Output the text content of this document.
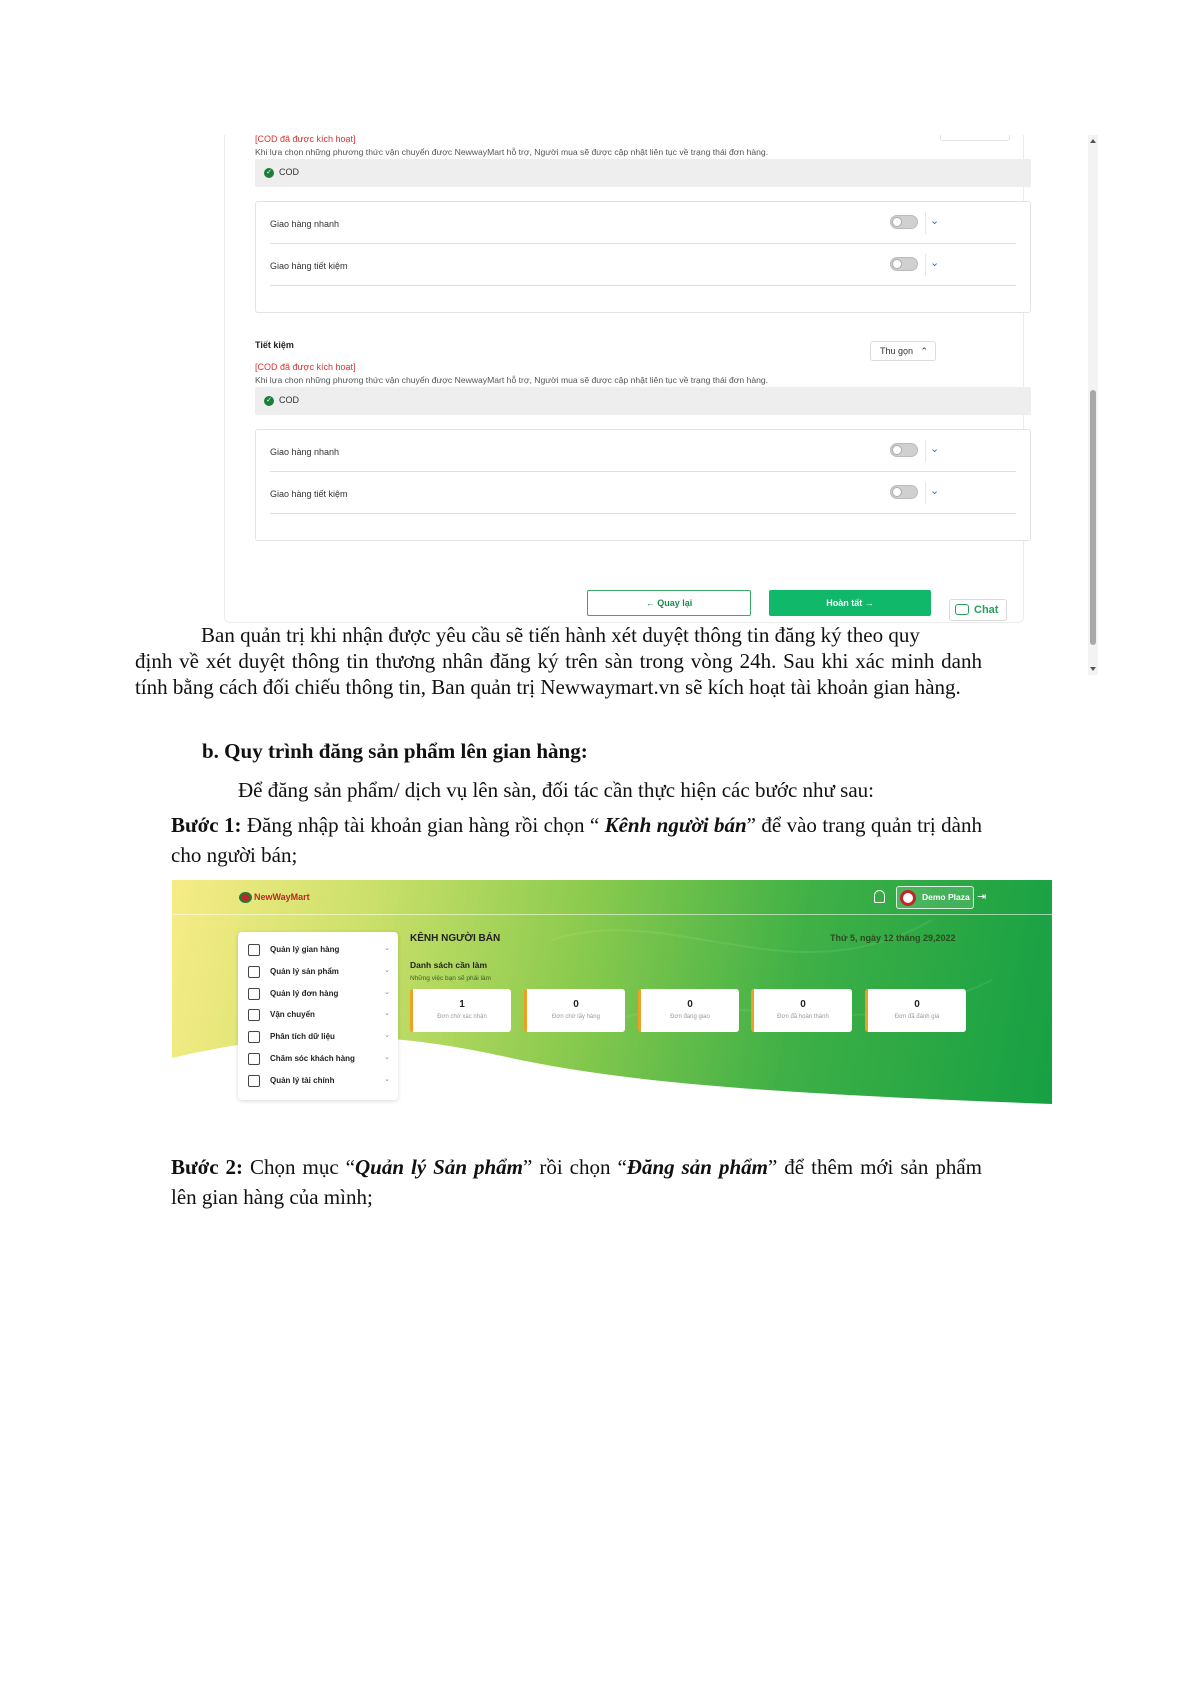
[COD đã được kích hoạt]
Khi lựa chọn những phương thức vận chuyển được NewwayMart hỗ trợ, Người mua sẽ được cập nhật liên tục về trạng thái đơn hàng.
✓ COD
Giao hàng nhanh	⌄
Giao hàng tiết kiệm	⌄
Tiết kiệm
Thu gọn ⌃
[COD đã được kích hoạt]
Khi lựa chọn những phương thức vận chuyển được NewwayMart hỗ trợ, Người mua sẽ được cập nhật liên tục về trạng thái đơn hàng.
✓ COD
Giao hàng nhanh	⌄
Giao hàng tiết kiệm	⌄
← Quay lại	Hoàn tất →
Chat
Ban quản trị khi nhận được yêu cầu sẽ tiến hành xét duyệt thông tin đăng ký theo quy
định về xét duyệt thông tin thương nhân đăng ký trên sàn trong vòng 24h. Sau khi xác minh danh tính bằng cách đối chiếu thông tin, Ban quản trị Newwaymart.vn sẽ kích hoạt tài khoản gian hàng.
b. Quy trình đăng sản phẩm lên gian hàng:
Để đăng sản phẩm/ dịch vụ lên sàn, đối tác cần thực hiện các bước như sau:
Bước 1: Đăng nhập tài khoản gian hàng rồi chọn “ Kênh người bán” để vào trang quản trị dành cho người bán;
NewWayMart	Demo Plaza ⇥
Quản lý gian hàng	⌄
Quản lý sản phẩm	⌄
Quản lý đơn hàng	⌄
Vận chuyển	⌄
Phân tích dữ liệu	⌄
Chăm sóc khách hàng	⌄
Quản lý tài chính	⌄
KÊNH NGƯỜI BÁN	Thứ 5, ngày 12 tháng 29,2022
Danh sách cần làm
Những việc bạn sẽ phải làm
1
Đơn chờ xác nhận
0
Đơn chờ lấy hàng
0
Đơn đang giao
0
Đơn đã hoàn thành
0
Đơn đã đánh giá
Bước 2: Chọn mục “Quản lý Sản phẩm” rồi chọn “Đăng sản phẩm” để thêm mới sản phẩm lên gian hàng của mình;
